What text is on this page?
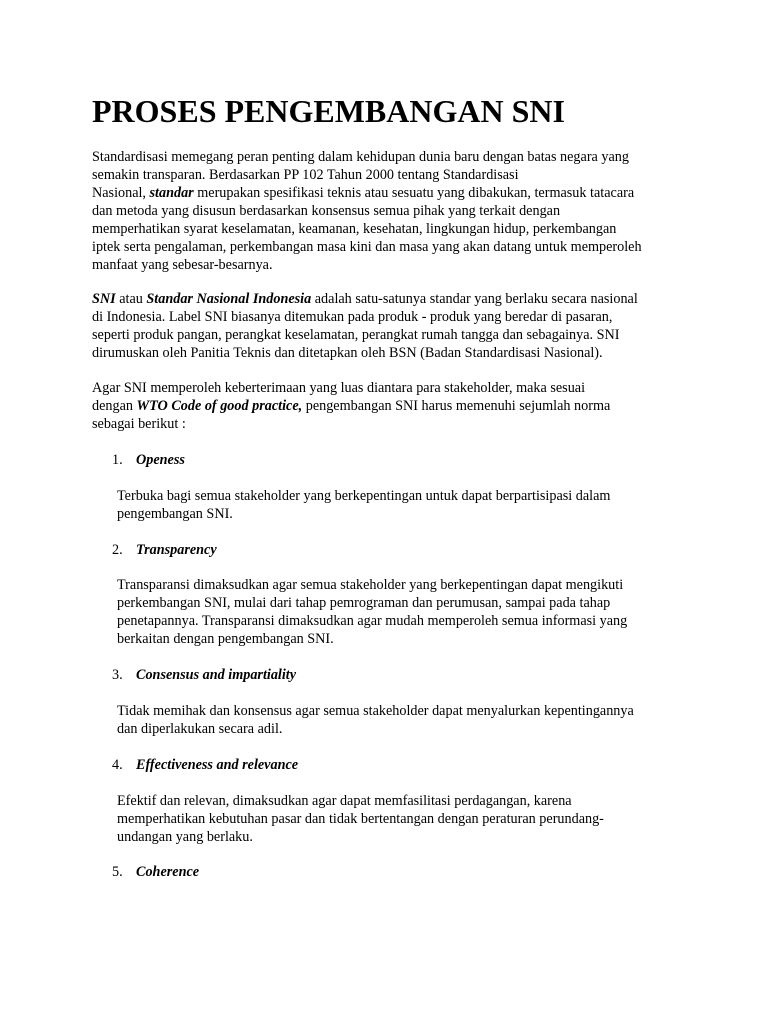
PROSES PENGEMBANGAN SNI
Standardisasi memegang peran penting dalam kehidupan dunia baru dengan batas negara yang
semakin transparan. Berdasarkan PP 102 Tahun 2000 tentang Standardisasi
Nasional, standar merupakan spesifikasi teknis atau sesuatu yang dibakukan, termasuk tatacara
dan metoda yang disusun berdasarkan konsensus semua pihak yang terkait dengan
memperhatikan syarat keselamatan, keamanan, kesehatan, lingkungan hidup, perkembangan
iptek serta pengalaman, perkembangan masa kini dan masa yang akan datang untuk memperoleh
manfaat yang sebesar-besarnya.
SNI atau Standar Nasional Indonesia adalah satu-satunya standar yang berlaku secara nasional
di Indonesia. Label SNI biasanya ditemukan pada produk - produk yang beredar di pasaran,
seperti produk pangan, perangkat keselamatan, perangkat rumah tangga dan sebagainya. SNI
dirumuskan oleh Panitia Teknis dan ditetapkan oleh BSN (Badan Standardisasi Nasional).
Agar SNI memperoleh keberterimaan yang luas diantara para stakeholder, maka sesuai
dengan WTO Code of good practice, pengembangan SNI harus memenuhi sejumlah norma
sebagai berikut :
1. Openess
Terbuka bagi semua stakeholder yang berkepentingan untuk dapat berpartisipasi dalam
pengembangan SNI.
2. Transparency
Transparansi dimaksudkan agar semua stakeholder yang berkepentingan dapat mengikuti
perkembangan SNI, mulai dari tahap pemrograman dan perumusan, sampai pada tahap
penetapannya. Transparansi dimaksudkan agar mudah memperoleh semua informasi yang
berkaitan dengan pengembangan SNI.
3. Consensus and impartiality
Tidak memihak dan konsensus agar semua stakeholder dapat menyalurkan kepentingannya
dan diperlakukan secara adil.
4. Effectiveness and relevance
Efektif dan relevan, dimaksudkan agar dapat memfasilitasi perdagangan, karena
memperhatikan kebutuhan pasar dan tidak bertentangan dengan peraturan perundang-
undangan yang berlaku.
5. Coherence
